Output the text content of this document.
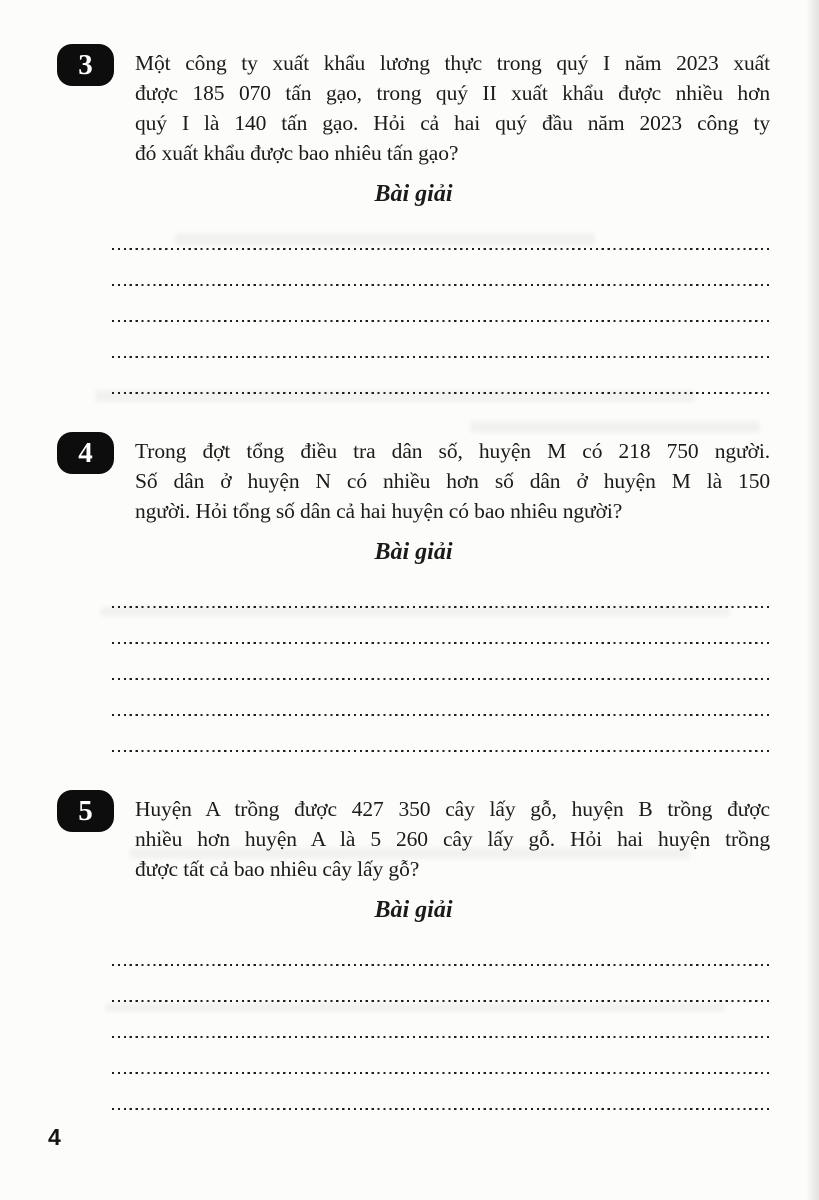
3	Một công ty xuất khẩu lương thực trong quý I năm 2023 xuất
được 185 070 tấn gạo, trong quý II xuất khẩu được nhiều hơn
quý I là 140 tấn gạo. Hỏi cả hai quý đầu năm 2023 công ty
đó xuất khẩu được bao nhiêu tấn gạo?
Bài giải
4	Trong đợt tổng điều tra dân số, huyện M có 218 750 người.
Số dân ở huyện N có nhiều hơn số dân ở huyện M là 150
người. Hỏi tổng số dân cả hai huyện có bao nhiêu người?
Bài giải
5	Huyện A trồng được 427 350 cây lấy gỗ, huyện B trồng được
nhiều hơn huyện A là 5 260 cây lấy gỗ. Hỏi hai huyện trồng
được tất cả bao nhiêu cây lấy gỗ?
Bài giải
4
